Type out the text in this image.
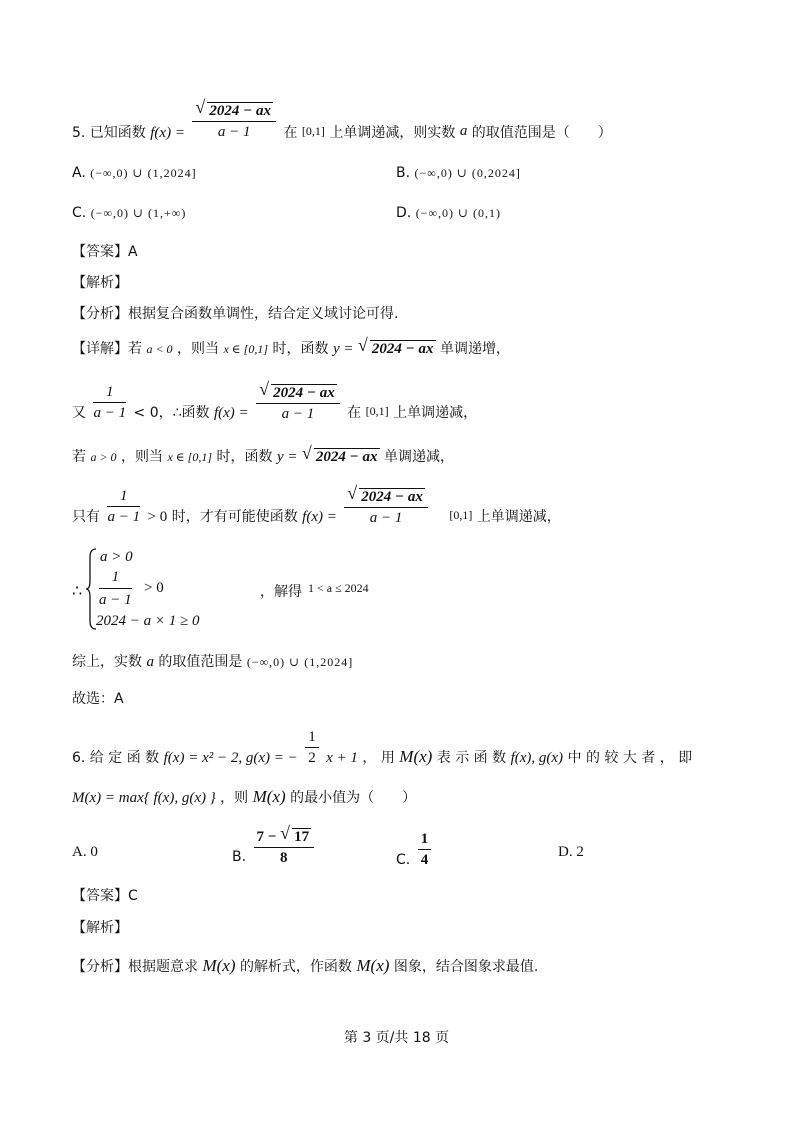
5. 已知函数 $f(x) = \frac{√ 2024 - ax}{a - 1}$ 在 [0,1] 上单调递减，则实数 a 的取值范围是（　　）
A. (−∞,0) ∪ (1,2024]	B. (−∞,0) ∪ (0,2024]
C. (−∞,0) ∪ (1,+∞)	D. (−∞,0) ∪ (0,1)
【答案】A
【解析】
【分析】根据复合函数单调性，结合定义域讨论可得.
【详解】若 a < 0 ，则当 x ∈ [0,1] 时，函数 y = √ 2024 − ax 单调递增，
又 $\frac{1}{a - 1} < 0$，∴函数 $f(x) = \frac{√ 2024 - ax}{a - 1}$ 在 [0,1] 上单调递减，
若 a > 0 ，则当 x ∈ [0,1] 时，函数 y = √ 2024 − ax 单调递减，
只有 $\frac{1}{a - 1} > 0$ 时，才有可能使函数 $f(x) = \frac{√ 2024 - ax}{a - 1} [0,1]$ 上单调递减，
∴
a > 0
$\frac{1}{a - 1} > 0$
2024 − a × 1 ≥ 0
，解得 1 < a ≤ 2024
综上，实数 a 的取值范围是 (−∞,0) ∪ (1,2024]
故选：A
6. 给 定 函 数 f(x) = x² − 2, g(x) = − $\frac{1}{2}$ x + 1 ， 用 M(x) 表 示 函 数 f(x), g(x) 中 的 较 大 者 ， 即
M(x) = max{ f(x), g(x) } ，则 M(x) 的最小值为（　　）
A. 0	B. $\frac{7 - √ 17}{8}$	C. $\frac{1}{4}$	D. 2
【答案】C
【解析】
【分析】根据题意求 M(x) 的解析式，作函数 M(x) 图象，结合图象求最值.
第 3 页/共 18 页
